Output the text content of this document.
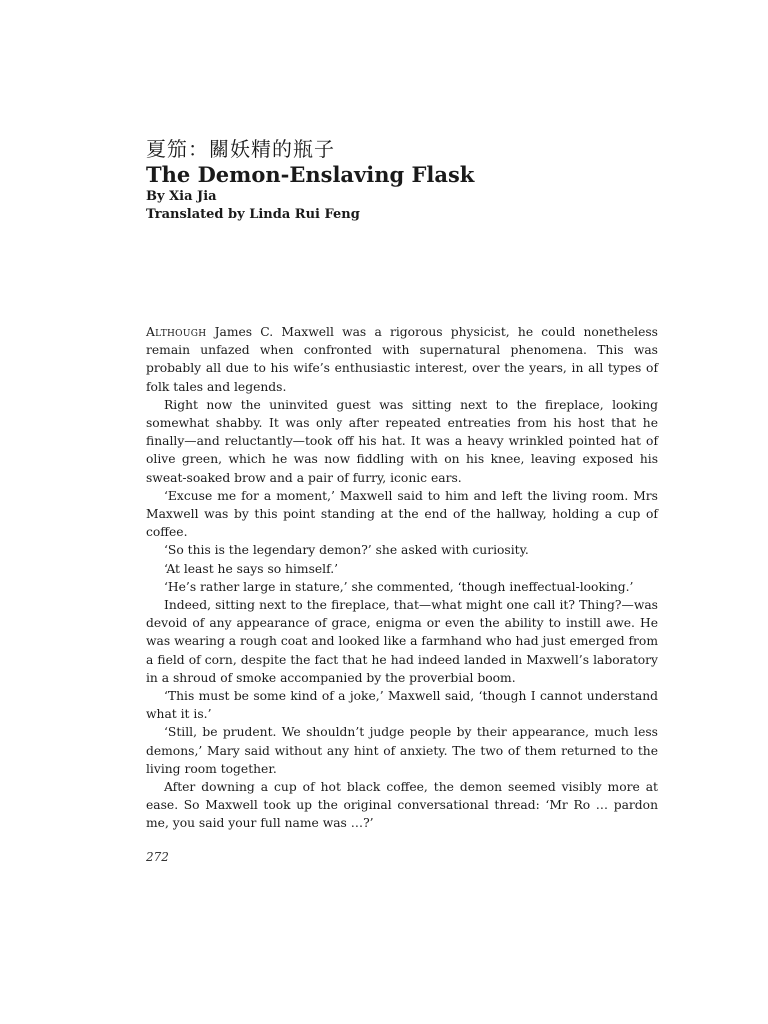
夏笳：關妖精的瓶子
The Demon-Enslaving Flask

By Xia Jia

Translated by Linda Rui Feng

Although James C. Maxwell was a rigorous physicist, he could nonetheless remain unfazed when confronted with supernatural phenomena. This was probably all due to his wife’s enthusiastic interest, over the years, in all types of folk tales and legends.

Right now the uninvited guest was sitting next to the fireplace, looking somewhat shabby. It was only after repeated entreaties from his host that he finally—and reluctantly—took off his hat. It was a heavy wrinkled pointed hat of olive green, which he was now fiddling with on his knee, leaving exposed his sweat-soaked brow and a pair of furry, iconic ears.

‘Excuse me for a moment,’ Maxwell said to him and left the living room. Mrs Maxwell was by this point standing at the end of the hallway, holding a cup of coffee.

‘So this is the legendary demon?’ she asked with curiosity.

‘At least he says so himself.’

‘He’s rather large in stature,’ she commented, ‘though ineffectual-looking.’

Indeed, sitting next to the fireplace, that—what might one call it? Thing?—was devoid of any appearance of grace, enigma or even the ability to instill awe. He was wearing a rough coat and looked like a farmhand who had just emerged from a field of corn, despite the fact that he had indeed landed in Maxwell’s laboratory in a shroud of smoke accompanied by the proverbial boom.

‘This must be some kind of a joke,’ Maxwell said, ‘though I cannot understand what it is.’

‘Still, be prudent. We shouldn’t judge people by their appearance, much less demons,’ Mary said without any hint of anxiety. The two of them returned to the living room together.

After downing a cup of hot black coffee, the demon seemed visibly more at ease. So Maxwell took up the original conversational thread: ‘Mr Ro … pardon me, you said your full name was …?’

272
